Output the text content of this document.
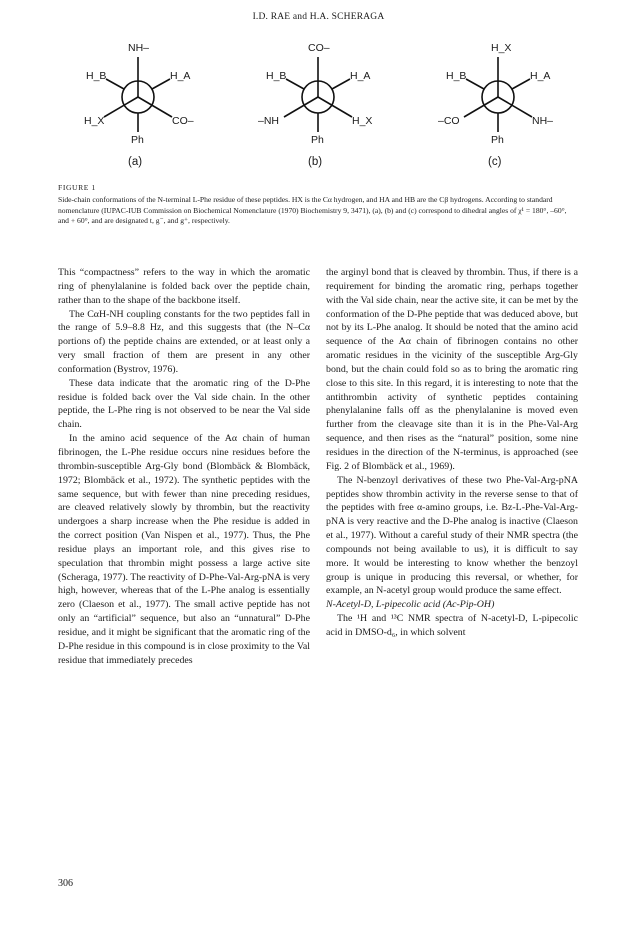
I.D. RAE and H.A. SCHERAGA
NH–
H_B	H_A
H_X	CO–
Ph
(a)
CO–
H_B	H_A
–NH	H_X
Ph
(b)
H_X
H_B	H_A
–CO	NH–
Ph
(c)
FIGURE 1
Side-chain conformations of the N-terminal L-Phe residue of these peptides. HX is the Cα hydrogen, and HA and HB are the Cβ hydrogens. According to standard nomenclature (IUPAC-IUB Commission on Biochemical Nomenclature (1970) Biochemistry 9, 3471), (a), (b) and (c) correspond to dihedral angles of χ¹ = 180°, –60°, and + 60°, and are designated t, g⁻, and g⁺, respectively.

This “compactness” refers to the way in which the aromatic ring of phenylalanine is folded back over the peptide chain, rather than to the shape of the backbone itself.

The CαH-NH coupling constants for the two peptides fall in the range of 5.9–8.8 Hz, and this suggests that (the N–Cα portions of) the peptide chains are extended, or at least only a very small fraction of them are present in any other conformation (Bystrov, 1976).

These data indicate that the aromatic ring of the D-Phe residue is folded back over the Val side chain. In the other peptide, the L-Phe ring is not observed to be near the Val side chain.

In the amino acid sequence of the Aα chain of human fibrinogen, the L-Phe residue occurs nine residues before the thrombin-susceptible Arg-Gly bond (Blombäck & Blombäck, 1972; Blombäck et al., 1972). The synthetic peptides with the same sequence, but with fewer than nine preceding residues, are cleaved relatively slowly by thrombin, but the reactivity undergoes a sharp increase when the Phe residue is added in the correct position (Van Nispen et al., 1977). Thus, the Phe residue plays an important role, and this gives rise to speculation that thrombin might possess a large active site (Scheraga, 1977). The reactivity of D-Phe-Val-Arg-pNA is very high, however, whereas that of the L-Phe analog is essentially zero (Claeson et al., 1977). The small active peptide has not only an “artificial” sequence, but also an “unnatural” D-Phe residue, and it might be significant that the aromatic ring of the D-Phe residue in this compound is in close proximity to the Val residue that immediately precedes

the arginyl bond that is cleaved by thrombin. Thus, if there is a requirement for binding the aromatic ring, perhaps together with the Val side chain, near the active site, it can be met by the conformation of the D-Phe peptide that was deduced above, but not by its L-Phe analog. It should be noted that the amino acid sequence of the Aα chain of fibrinogen contains no other aromatic residues in the vicinity of the susceptible Arg-Gly bond, but the chain could fold so as to bring the aromatic ring close to this site. In this regard, it is interesting to note that the antithrombin activity of synthetic peptides containing phenylalanine falls off as the phenylalanine is moved even further from the cleavage site than it is in the Phe-Val-Arg sequence, and then rises as the “natural” position, some nine residues in the direction of the N-terminus, is approached (see Fig. 2 of Blombäck et al., 1969).

The N-benzoyl derivatives of these two Phe-Val-Arg-pNA peptides show thrombin activity in the reverse sense to that of the peptides with free α-amino groups, i.e. Bz-L-Phe-Val-Arg-pNA is very reactive and the D-Phe analog is inactive (Claeson et al., 1977). Without a careful study of their NMR spectra (the compounds not being available to us), it is difficult to say more. It would be interesting to know whether the benzoyl group is unique in producing this reversal, or whether, for example, an N-acetyl group would produce the same effect.

N-Acetyl-D, L-pipecolic acid (Ac-Pip-OH)

The ¹H and ¹³C NMR spectra of N-acetyl-D, L-pipecolic acid in DMSO-d₆, in which solvent

306
